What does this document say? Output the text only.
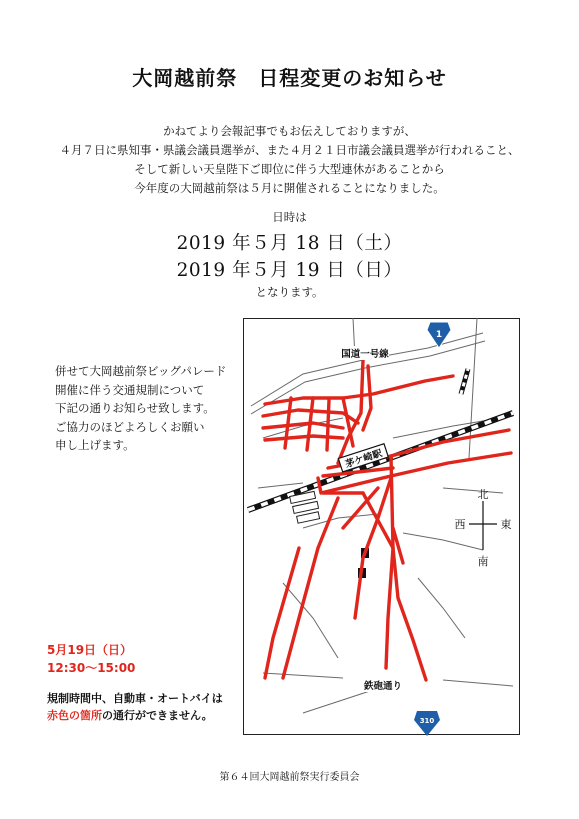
大岡越前祭　日程変更のお知らせ
かねてより会報記事でもお伝えしておりますが、
４月７日に県知事・県議会議員選挙が、また４月２１日市議会議員選挙が行われること、
そして新しい天皇陛下ご即位に伴う大型連休があることから
今年度の大岡越前祭は５月に開催されることになりました。
日時は
2019 年５月 18 日（土）
2019 年５月 19 日（日）
となります。
併せて大岡越前祭ビッグパレード
開催に伴う交通規制について
下記の通りお知らせ致します。
ご協力のほどよろしくお願い
申し上げます。
5月19日（日）
12:30〜15:00
規制時間中、自動車・オートバイは
赤色の箇所の通行ができません。
1
国道一号線
茅ケ崎駅
北
南
東
西
鉄砲通り
310
第６４回大岡越前祭実行委員会
